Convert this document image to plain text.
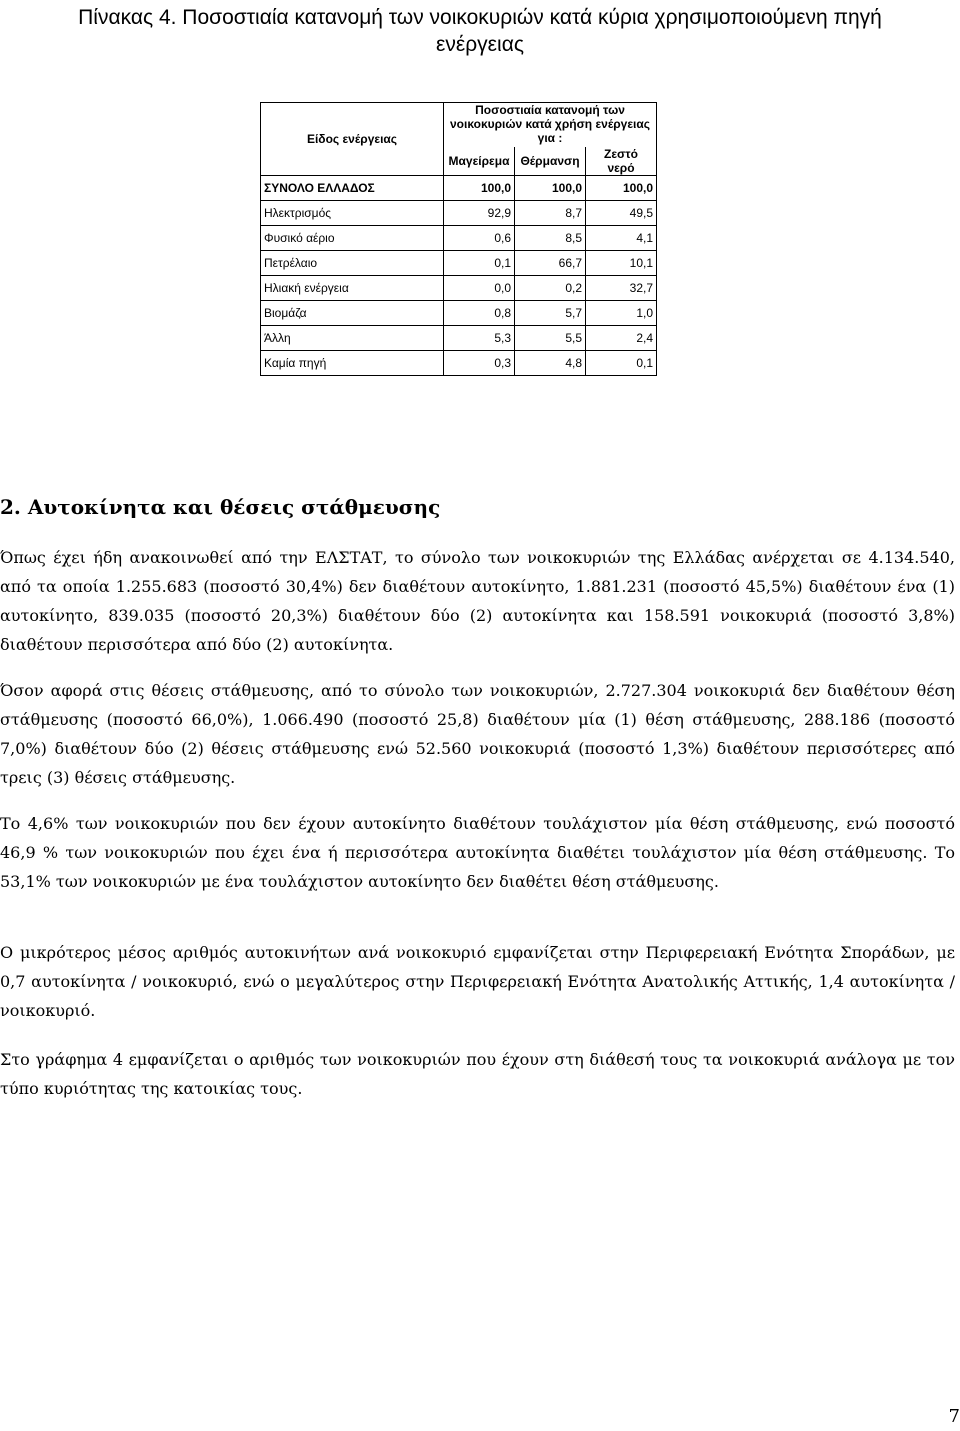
Πίνακας 4. Ποσοστιαία κατανομή των νοικοκυριών κατά κύρια χρησιμοποιούμενη πηγή
ενέργειας
Είδος ενέργειας	Ποσοστιαία κατανομή των νοικοκυριών κατά χρήση ενέργειας για :		
	Μαγείρεμα	Θέρμανση	Ζεστό νερό
ΣΥΝΟΛΟ ΕΛΛΑΔΟΣ	100,0	100,0	100,0
Ηλεκτρισμός	92,9	8,7	49,5
Φυσικό αέριο	0,6	8,5	4,1
Πετρέλαιο	0,1	66,7	10,1
Ηλιακή ενέργεια	0,0	0,2	32,7
Βιομάζα	0,8	5,7	1,0
Άλλη	5,3	5,5	2,4
Καμία πηγή	0,3	4,8	0,1
2. Αυτοκίνητα και θέσεις στάθμευσης

Όπως έχει ήδη ανακοινωθεί από την ΕΛΣΤΑΤ, το σύνολο των νοικοκυριών της Ελλάδας ανέρχεται σε 4.134.540, από τα οποία 1.255.683 (ποσοστό 30,4%) δεν διαθέτουν αυτοκίνητο, 1.881.231 (ποσοστό 45,5%) διαθέτουν ένα (1) αυτοκίνητο, 839.035 (ποσοστό 20,3%) διαθέτουν δύο (2) αυτοκίνητα και 158.591 νοικοκυριά (ποσοστό 3,8%) διαθέτουν περισσότερα από δύο (2) αυτοκίνητα.

Όσον αφορά στις θέσεις στάθμευσης, από το σύνολο των νοικοκυριών, 2.727.304 νοικοκυριά δεν διαθέτουν θέση στάθμευσης (ποσοστό 66,0%), 1.066.490 (ποσοστό 25,8) διαθέτουν μία (1) θέση στάθμευσης, 288.186 (ποσοστό 7,0%) διαθέτουν δύο (2) θέσεις στάθμευσης ενώ 52.560 νοικοκυριά (ποσοστό 1,3%) διαθέτουν περισσότερες από τρεις (3) θέσεις στάθμευσης.

Το 4,6% των νοικοκυριών που δεν έχουν αυτοκίνητο διαθέτουν τουλάχιστον μία θέση στάθμευσης, ενώ ποσοστό 46,9 % των νοικοκυριών που έχει ένα ή περισσότερα αυτοκίνητα διαθέτει τουλάχιστον μία θέση στάθμευσης. Το 53,1% των νοικοκυριών με ένα τουλάχιστον αυτοκίνητο δεν διαθέτει θέση στάθμευσης.

Ο μικρότερος μέσος αριθμός αυτοκινήτων ανά νοικοκυριό εμφανίζεται στην Περιφερειακή Ενότητα Σποράδων, με 0,7 αυτοκίνητα / νοικοκυριό, ενώ ο μεγαλύτερος στην Περιφερειακή Ενότητα Ανατολικής Αττικής, 1,4 αυτοκίνητα / νοικοκυριό.

Στο γράφημα 4 εμφανίζεται ο αριθμός των νοικοκυριών που έχουν στη διάθεσή τους τα νοικοκυριά ανάλογα με τον τύπο κυριότητας της κατοικίας τους.

7
